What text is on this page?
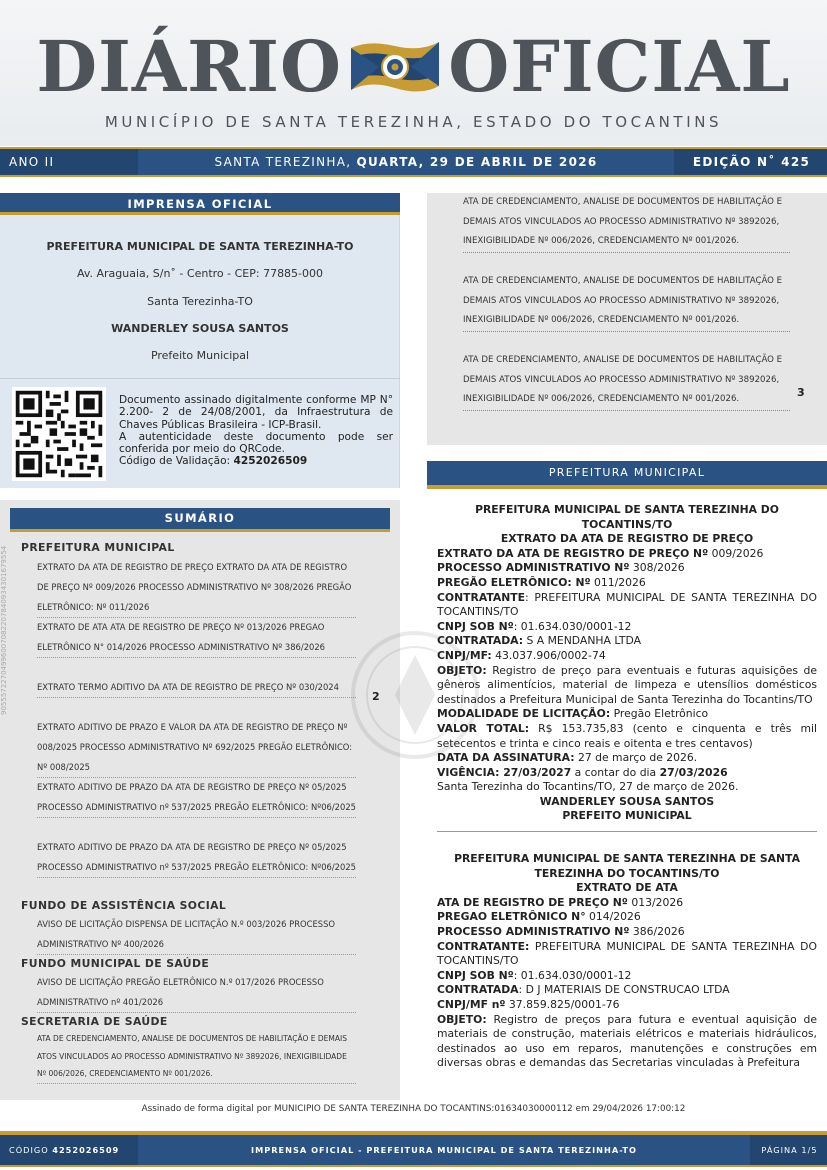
DIÁRIO OFICIAL
MUNICÍPIO DE SANTA TEREZINHA, ESTADO DO TOCANTINS
ANO II	SANTA TEREZINHA, QUARTA, 29 DE ABRIL DE 2026	EDIÇÃO N˚ 425
IMPRENSA OFICIAL
PREFEITURA MUNICIPAL DE SANTA TEREZINHA-TO
Av. Araguaia, S/n˚ - Centro - CEP: 77885-000
Santa Terezinha-TO
WANDERLEY SOUSA SANTOS
Prefeito Municipal
Documento assinado digitalmente conforme MP N° 2.200- 2 de 24/08/2001, da Infraestrutura de Chaves Públicas Brasileira - ICP-Brasil.
A autenticidade deste documento pode ser conferida por meio do QRCode.
Código de Validação: 4252026509
ATA DE CREDENCIAMENTO, ANALISE DE DOCUMENTOS DE HABILITAÇÃO E DEMAIS ATOS VINCULADOS AO PROCESSO ADMINISTRATIVO Nº 3892026, INEXIGIBILIDADE Nº 006/2026, CREDENCIAMENTO Nº 001/2026.
ATA DE CREDENCIAMENTO, ANALISE DE DOCUMENTOS DE HABILITAÇÃO E DEMAIS ATOS VINCULADOS AO PROCESSO ADMINISTRATIVO Nº 3892026, INEXIGIBILIDADE Nº 006/2026, CREDENCIAMENTO Nº 001/2026.
ATA DE CREDENCIAMENTO, ANALISE DE DOCUMENTOS DE HABILITAÇÃO E DEMAIS ATOS VINCULADOS AO PROCESSO ADMINISTRATIVO Nº 3892026, INEXIGIBILIDADE Nº 006/2026, CREDENCIAMENTO Nº 001/2026.	3
PREFEITURA MUNICIPAL
SUMÁRIO
PREFEITURA MUNICIPAL
EXTRATO DA ATA DE REGISTRO DE PREÇO EXTRATO DA ATA DE REGISTRO DE PREÇO Nº 009/2026 PROCESSO ADMINISTRATIVO Nº 308/2026 PREGÃO ELETRÔNICO: Nº 011/2026
EXTRATO DE ATA ATA DE REGISTRO DE PREÇO Nº 013/2026 PREGAO ELETRÔNICO N° 014/2026 PROCESSO ADMINISTRATIVO Nº 386/2026
EXTRATO TERMO ADITIVO DA ATA DE REGISTRO DE PREÇO Nº 030/2024
EXTRATO ADITIVO DE PRAZO E VALOR DA ATA DE REGISTRO DE PREÇO Nº 008/2025 PROCESSO ADMINISTRATIVO Nº 692/2025 PREGÃO ELETRÔNICO: Nº 008/2025
EXTRATO ADITIVO DE PRAZO DA ATA DE REGISTRO DE PREÇO Nº 05/2025 PROCESSO ADMINISTRATIVO nº 537/2025 PREGÃO ELETRÔNICO: Nº06/2025
EXTRATO ADITIVO DE PRAZO DA ATA DE REGISTRO DE PREÇO Nº 05/2025 PROCESSO ADMINISTRATIVO nº 537/2025 PREGÃO ELETRÔNICO: Nº06/2025
FUNDO DE ASSISTÊNCIA SOCIAL
AVISO DE LICITAÇÃO DISPENSA DE LICITAÇÃO N.º 003/2026 PROCESSO ADMINISTRATIVO Nº 400/2026
FUNDO MUNICIPAL DE SAÚDE
AVISO DE LICITAÇÃO PREGÃO ELETRÔNICO N.º 017/2026 PROCESSO ADMINISTRATIVO nº 401/2026
SECRETARIA DE SAÚDE
ATA DE CREDENCIAMENTO, ANALISE DE DOCUMENTOS DE HABILITAÇÃO E DEMAIS ATOS VINCULADOS AO PROCESSO ADMINISTRATIVO Nº 3892026, INEXIGIBILIDADE Nº 006/2026, CREDENCIAMENTO Nº 001/2026.
2
90555722704996007082207840934301679554

PREFEITURA MUNICIPAL DE SANTA TEREZINHA DO TOCANTINS/TO

EXTRATO DA ATA DE REGISTRO DE PREÇO

EXTRATO DA ATA DE REGISTRO DE PREÇO Nº 009/2026

PROCESSO ADMINISTRATIVO Nº 308/2026

PREGÃO ELETRÔNICO: Nº 011/2026

CONTRATANTE: PREFEITURA MUNICIPAL DE SANTA TEREZINHA DO TOCANTINS/TO

CNPJ SOB Nº: 01.634.030/0001-12

CONTRATADA: S A MENDANHA LTDA

CNPJ/MF: 43.037.906/0002-74

OBJETO: Registro de preço para eventuais e futuras aquisições de gêneros alimentícios, material de limpeza e utensílios domésticos destinados a Prefeitura Municipal de Santa Terezinha do Tocantins/TO

MODALIDADE DE LICITAÇÃO: Pregão Eletrônico

VALOR TOTAL: R$ 153.735,83 (cento e cinquenta e três mil setecentos e trinta e cinco reais e oitenta e tres centavos)

DATA DA ASSINATURA: 27 de março de 2026.

VIGÊNCIA: 27/03/2027 a contar do dia 27/03/2026

Santa Terezinha do Tocantins/TO, 27 de março de 2026.

WANDERLEY SOUSA SANTOS

PREFEITO MUNICIPAL

PREFEITURA MUNICIPAL DE SANTA TEREZINHA DE SANTA TEREZINHA DO TOCANTINS/TO

EXTRATO DE ATA

ATA DE REGISTRO DE PREÇO Nº 013/2026

PREGAO ELETRÔNICO N° 014/2026

PROCESSO ADMINISTRATIVO Nº 386/2026

CONTRATANTE: PREFEITURA MUNICIPAL DE SANTA TEREZINHA DO TOCANTINS/TO

CNPJ SOB Nº: 01.634.030/0001-12

CONTRATADA: D J MATERIAIS DE CONSTRUCAO LTDA

CNPJ/MF nº 37.859.825/0001-76

OBJETO: Registro de preços para futura e eventual aquisição de materiais de construção, materiais elétricos e materiais hidráulicos, destinados ao uso em reparos, manutenções e construções em diversas obras e demandas das Secretarias vinculadas à Prefeitura

Assinado de forma digital por MUNICIPIO DE SANTA TEREZINHA DO TOCANTINS:01634030000112 em 29/04/2026 17:00:12
CÓDIGO 4252026509	IMPRENSA OFICIAL - PREFEITURA MUNICIPAL DE SANTA TEREZINHA-TO	PÁGINA 1/5
